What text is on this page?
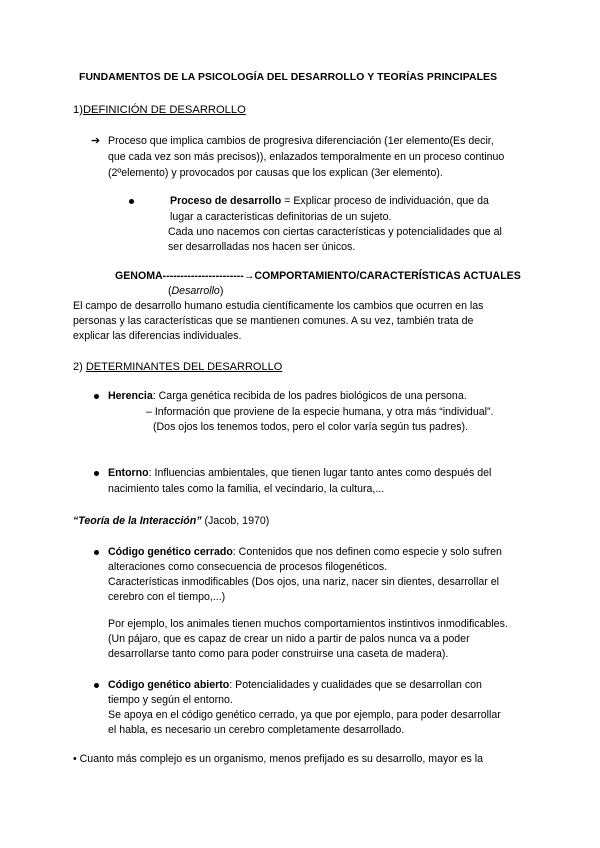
FUNDAMENTOS DE LA PSICOLOGÍA DEL DESARROLLO Y TEORÍAS PRINCIPALES
1)DEFINICIÓN DE DESARROLLO
➔ Proceso que implica cambios de progresiva diferenciación (1er elemento(Es decir,
que cada vez son más precisos)), enlazados temporalmente en un proceso continuo
(2ºelemento) y provocados por causas que los explican (3er elemento).
Proceso de desarrollo = Explicar proceso de individuación, que da
lugar a características definitorias de un sujeto.
Cada uno nacemos con ciertas características y potencialidades que al
ser desarrolladas nos hacen ser únicos.
GENOMA-----------------------→COMPORTAMIENTO/CARACTERÍSTICAS ACTUALES
(Desarrollo)
El campo de desarrollo humano estudia científicamente los cambios que ocurren en las
personas y las características que se mantienen comunes. A su vez, también trata de
explicar las diferencias individuales.
2) DETERMINANTES DEL DESARROLLO
Herencia: Carga genética recibida de los padres biológicos de una persona.
– Información que proviene de la especie humana, y otra más “individual”.
(Dos ojos los tenemos todos, pero el color varía según tus padres).
Entorno: Influencias ambientales, que tienen lugar tanto antes como después del
nacimiento tales como la familia, el vecindario, la cultura,...
“Teoría de la Interacción” (Jacob, 1970)
Código genético cerrado: Contenidos que nos definen como especie y solo sufren
alteraciones como consecuencia de procesos filogenéticos.
Características inmodificables (Dos ojos, una nariz, nacer sin dientes, desarrollar el
cerebro con el tiempo,...)
Por ejemplo, los animales tienen muchos comportamientos instintivos inmodificables.
(Un pájaro, que es capaz de crear un nido a partir de palos nunca va a poder
desarrollarse tanto como para poder construirse una caseta de madera).
Código genético abierto: Potencialidades y cualidades que se desarrollan con
tiempo y según el entorno.
Se apoya en el código genético cerrado, ya que por ejemplo, para poder desarrollar
el habla, es necesario un cerebro completamente desarrollado.
• Cuanto más complejo es un organismo, menos prefijado es su desarrollo, mayor es la
